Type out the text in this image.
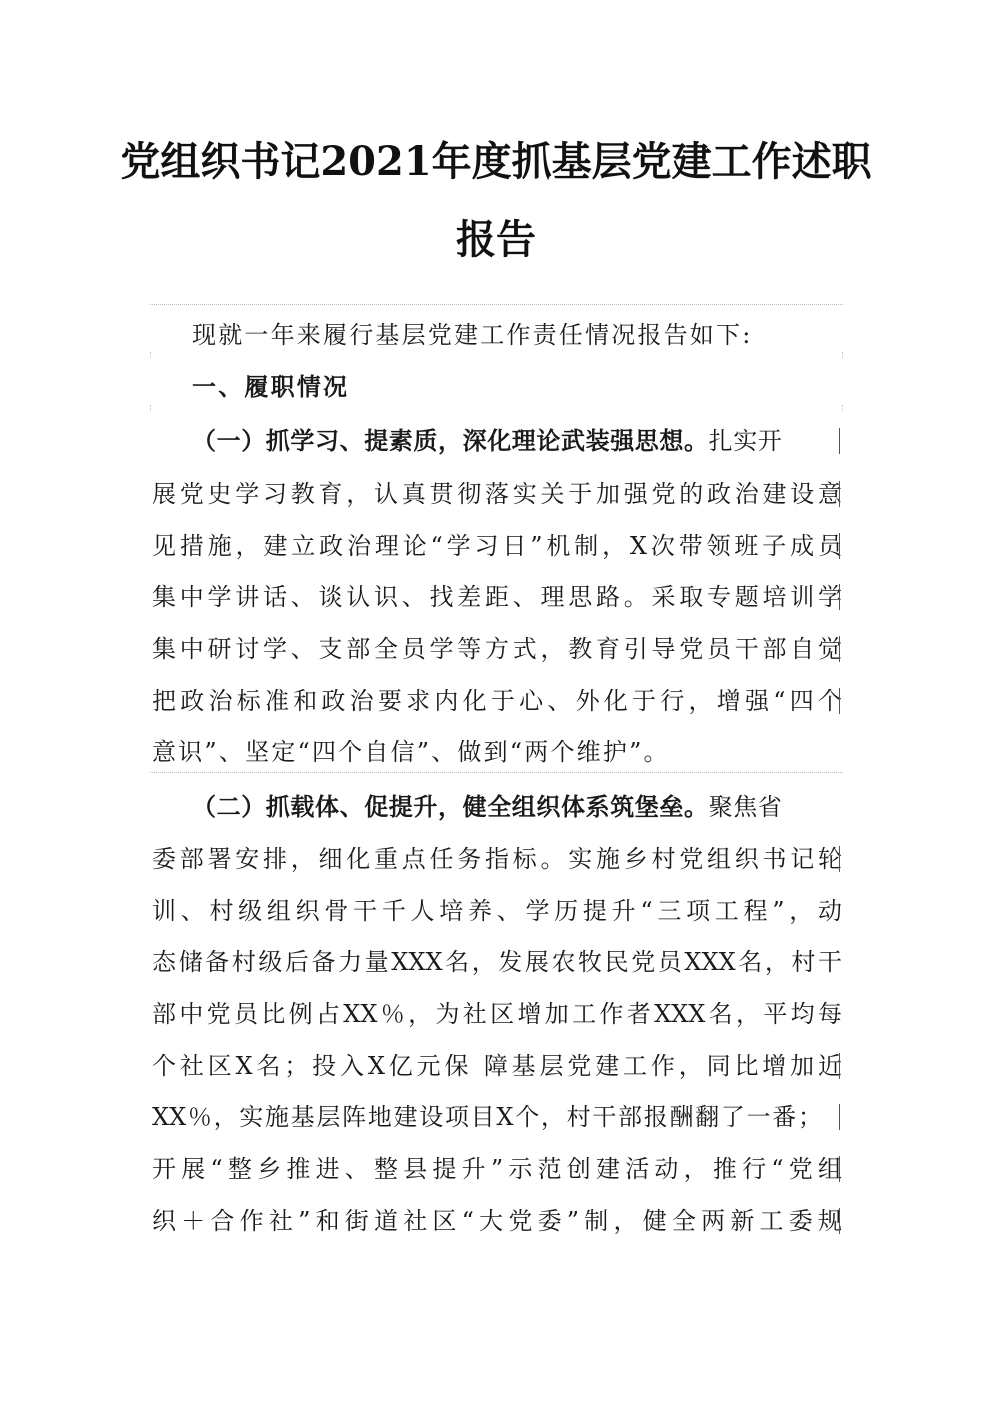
党组织书记2021年度抓基层党建工作述职
报告
现就一年来履行基层党建工作责任情况报告如下:
一、履职情况
（一）抓学习、提素质，深化理论武装强思想。扎实开
展党史学习教育，认真贯彻落实关于加强党的政治建设意
见措施，建立政治理论“学习日”机制，X次带领班子成员
集中学讲话、谈认识、找差距、理思路。采取专题培训学
集中研讨学、支部全员学等方式，教育引导党员干部自觉
把政治标准和政治要求内化于心、外化于行，增强“四个
意识”、坚定“四个自信”、做到“两个维护”。
（二）抓载体、促提升，健全组织体系筑堡垒。聚焦省
委部署安排，细化重点任务指标。实施乡村党组织书记轮
训、村级组织骨干千人培养、学历提升“三项工程”，动
态储备村级后备力量XXX名，发展农牧民党员XXX名，村干
部中党员比例占XX％，为社区增加工作者XXX名，平均每
个社区X名；投入X亿元保 障基层党建工作，同比增加近
XX％，实施基层阵地建设项目X个，村干部报酬翻了一番；
开展“整乡推进、整县提升”示范创建活动，推行“党组
织＋合作社”和街道社区“大党委”制，健全两新工委规
